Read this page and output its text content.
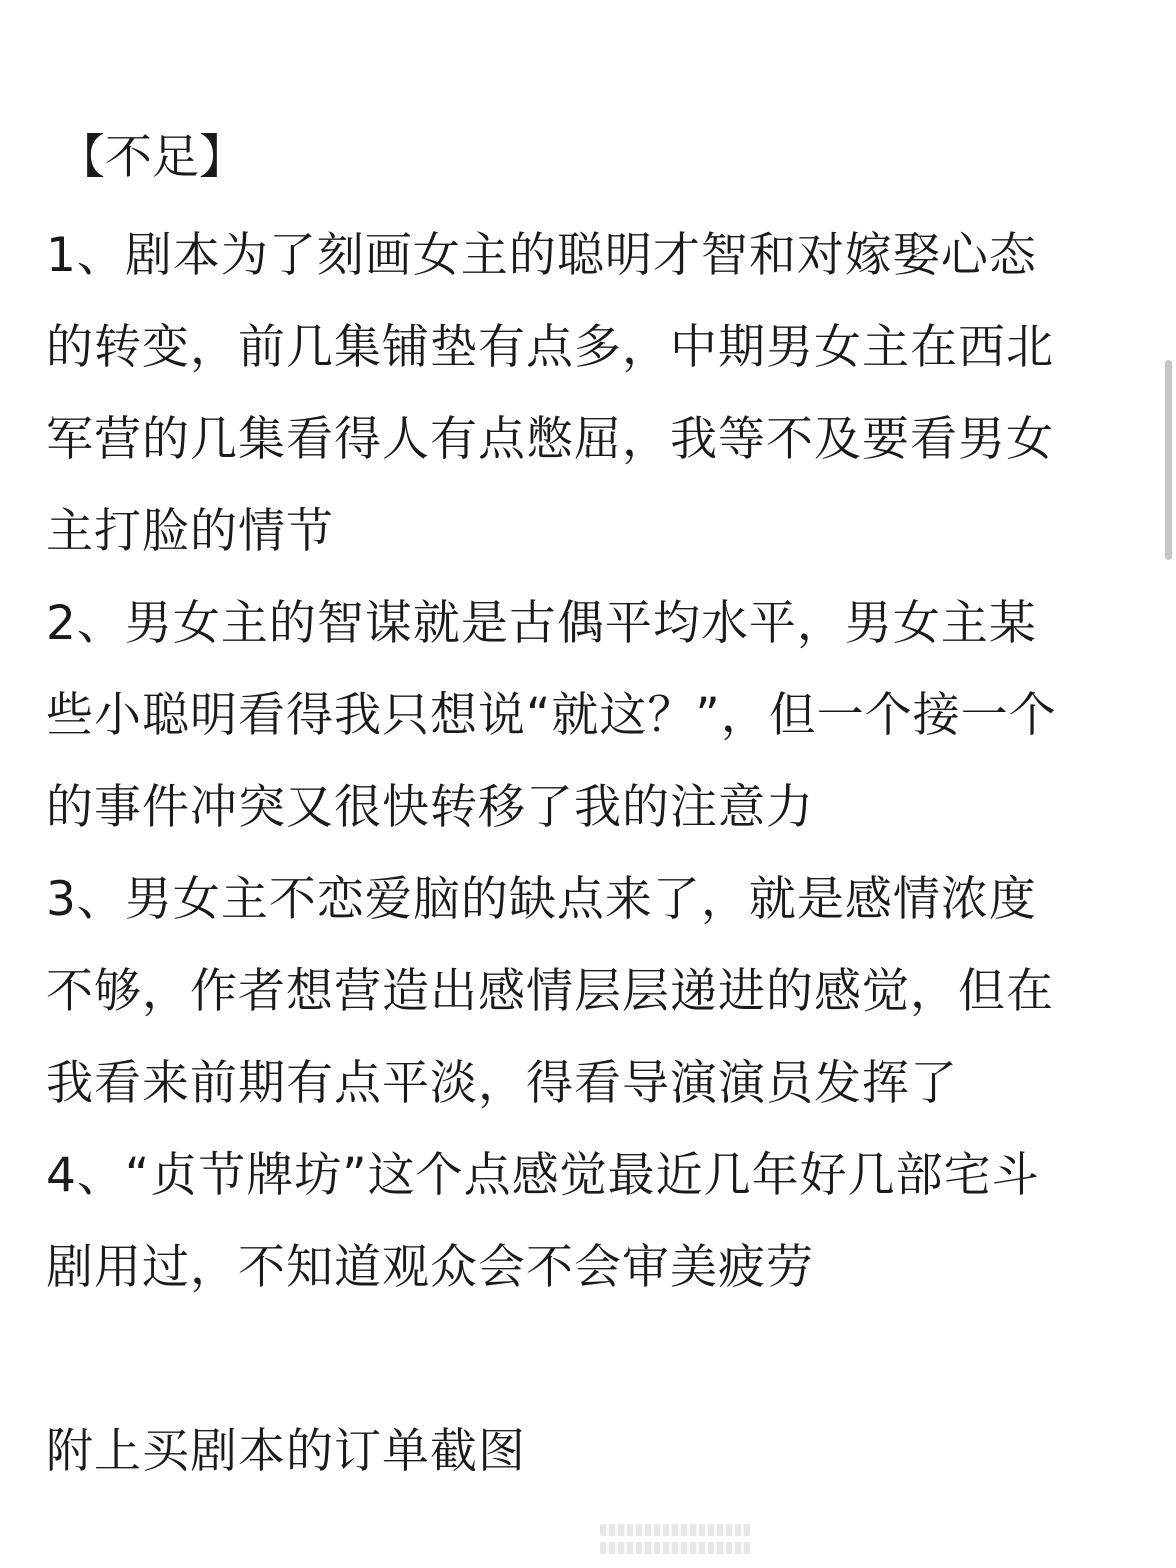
【不足】
1、剧本为了刻画女主的聪明才智和对嫁娶心态
的转变，前几集铺垫有点多，中期男女主在西北
军营的几集看得人有点憋屈，我等不及要看男女
主打脸的情节
2、男女主的智谋就是古偶平均水平，男女主某
些小聪明看得我只想说“就这？”，但一个接一个
的事件冲突又很快转移了我的注意力
3、男女主不恋爱脑的缺点来了，就是感情浓度
不够，作者想营造出感情层层递进的感觉，但在
我看来前期有点平淡，得看导演演员发挥了
4、“贞节牌坊”这个点感觉最近几年好几部宅斗
剧用过，不知道观众会不会审美疲劳
附上买剧本的订单截图
